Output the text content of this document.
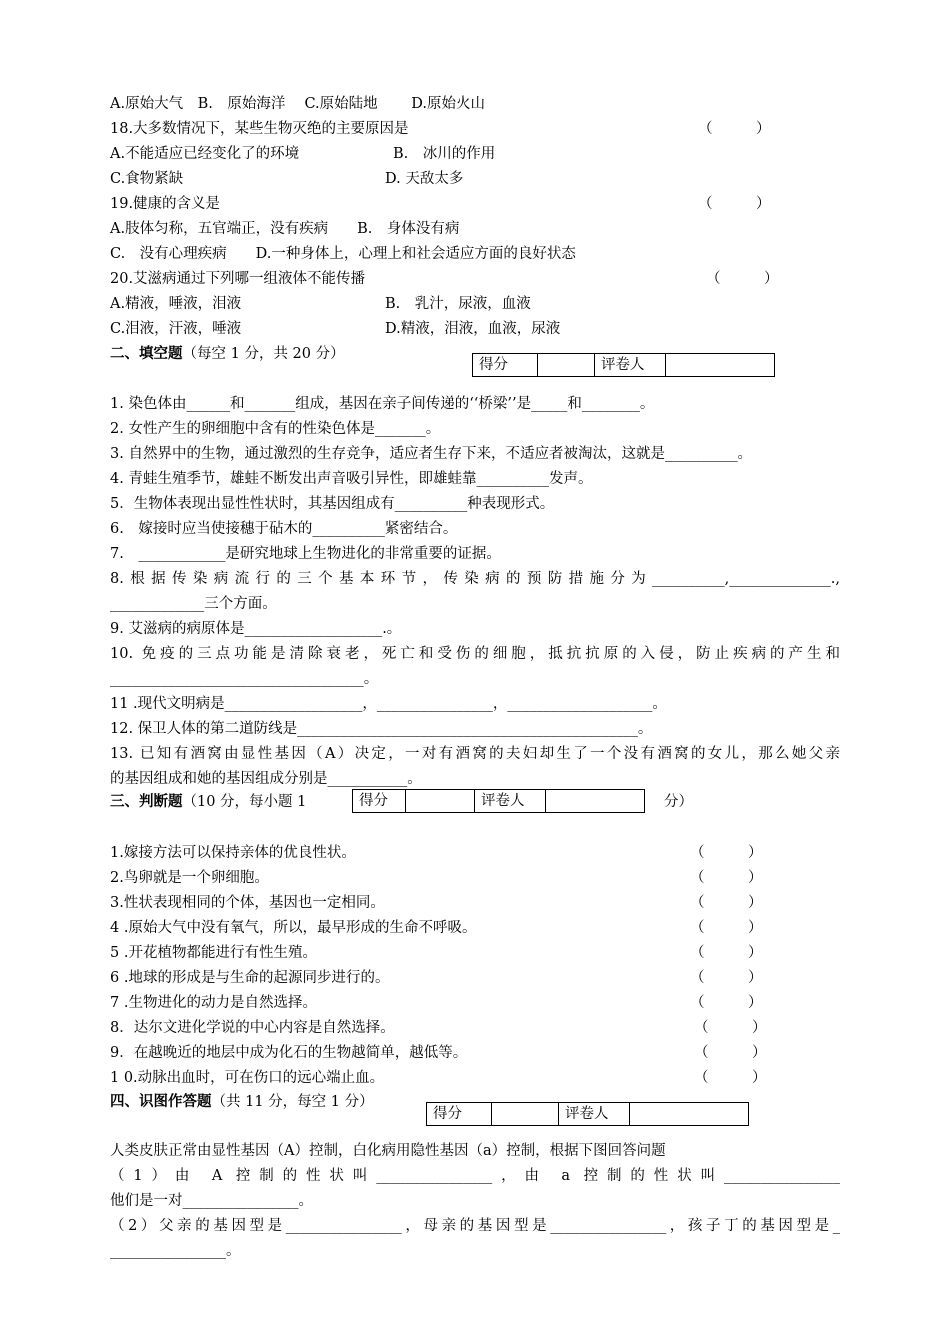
A.原始大气　B.　原始海洋　 C.原始陆地　　 D.原始火山
18.大多数情况下，某些生物灭绝的主要原因是	（　　　）
A.不能适应已经变化了的环境	B.　冰川的作用
C.食物紧缺	D. 天敌太多
19.健康的含义是	（　　　）
A.肢体匀称，五官端正，没有疾病　　B.　身体没有病
C.　没有心理疾病　　D.一种身体上，心理上和社会适应方面的良好状态
20.艾滋病通过下列哪一组液体不能传播	（　　　）
A.精液，唾液，泪液	B.　乳汁，尿液，血液
C.泪液，汗液，唾液	D.精液，泪液，血液，尿液
二、填空题（每空 1 分，共 20 分）
得分		评卷人	
1. 染色体由______和_______组成，基因在亲子间传递的‘‘桥梁’’是_____和________。
2. 女性产生的卵细胞中含有的性染色体是_______。
3. 自然界中的生物，通过激烈的生存竞争，适应者生存下来，不适应者被淘汰，这就是__________。
4. 青蛙生殖季节，雄蛙不断发出声音吸引异性，即雄蛙靠__________发声。
5．生物体表现出显性性状时，其基因组成有__________种表现形式。
6.　嫁接时应当使接穗于砧木的__________紧密结合。
7.　____________是研究地球上生物进化的非常重要的证据。
8.根据传染病流行的三个基本环节，传染病的预防措施分为__________,______________.,
_____________三个方面。
9. 艾滋病的病原体是___________________.。
10. 免疫的三点功能是清除衰老，死亡和受伤的细胞，抵抗抗原的入侵，防止疾病的产生和
___________________________________。
11 .现代文明病是___________________，________________，____________________。
12. 保卫人体的第二道防线是_______________________________________________。
13. 已知有酒窝由显性基因（A）决定，一对有酒窝的夫妇却生了一个没有酒窝的女儿，那么她父亲
的基因组成和她的基因组成分别是___________。
三、判断题（10 分，每小题 1	得分		评卷人		分）
1.嫁接方法可以保持亲体的优良性状。	（　　　）
2.鸟卵就是一个卵细胞。	（　　　）
3.性状表现相同的个体，基因也一定相同。	（　　　）
4 .原始大气中没有氧气，所以，最早形成的生命不呼吸。	（　　　）
5 .开花植物都能进行有性生殖。	（　　　）
6 .地球的形成是与生命的起源同步进行的。	（　　　）
7 .生物进化的动力是自然选择。	（　　　）
8．达尔文进化学说的中心内容是自然选择。	（　　　）
9．在越晚近的地层中成为化石的生物越简单，越低等。	（　　　）
1 0.动脉出血时，可在伤口的远心端止血。	（　　　）
四、识图作答题（共 11 分，每空 1 分）
得分		评卷人	
人类皮肤正常由显性基因（A）控制，白化病用隐性基因（a）控制，根据下图回答问题
（1）由 A 控制的性状叫________________，由 a 控制的性状叫________________
他们是一对________________。
（2）父亲的基因型是________________，母亲的基因型是________________，孩子丁的基因型是_
________________。
